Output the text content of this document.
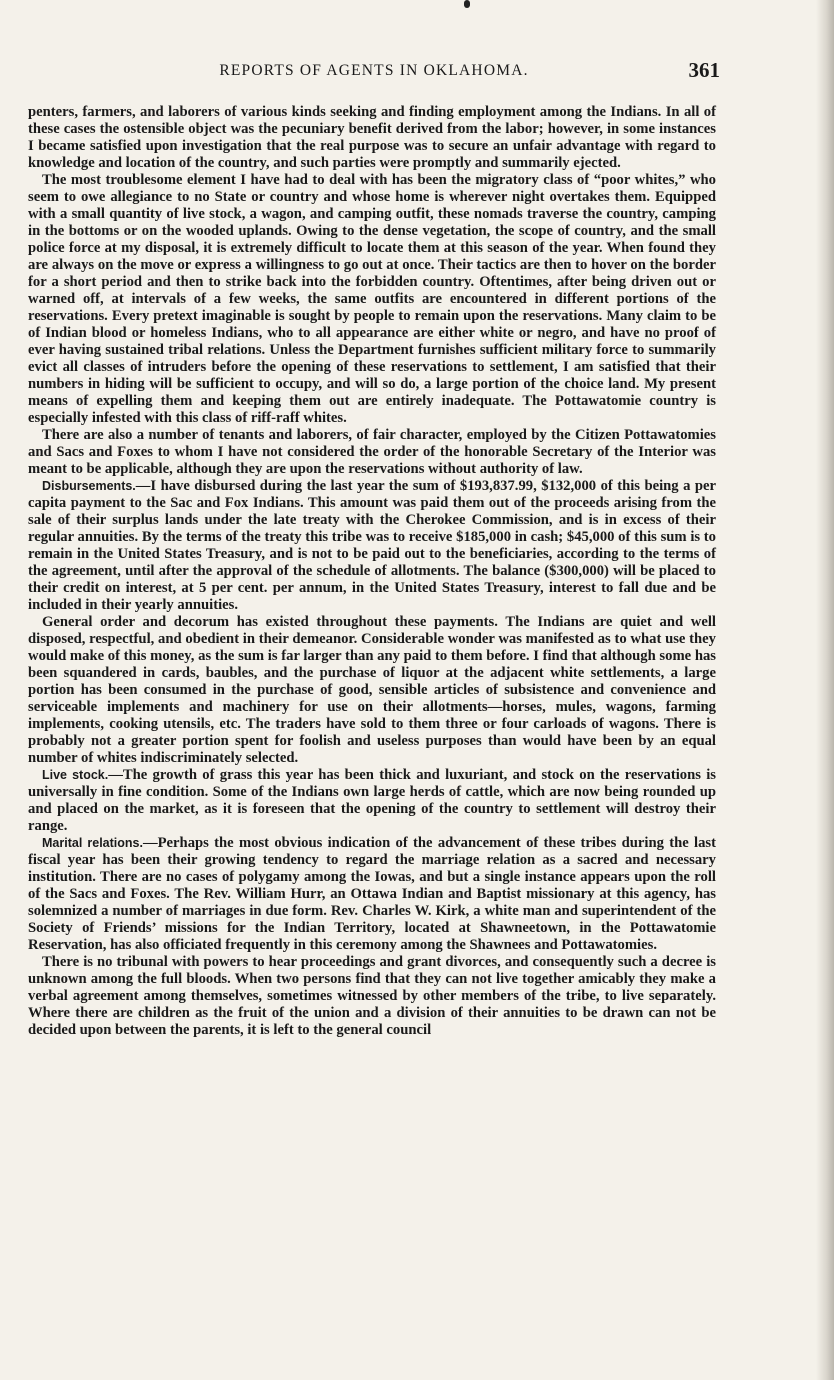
REPORTS OF AGENTS IN OKLAHOMA.	361

penters, farmers, and laborers of various kinds seeking and finding employment among the Indians. In all of these cases the ostensible object was the pecuniary benefit derived from the labor; however, in some instances I became satisfied upon investigation that the real purpose was to secure an unfair advantage with regard to knowledge and location of the country, and such parties were promptly and summarily ejected.

The most troublesome element I have had to deal with has been the migratory class of “poor whites,” who seem to owe allegiance to no State or country and whose home is wherever night overtakes them. Equipped with a small quantity of live stock, a wagon, and camping outfit, these nomads traverse the country, camping in the bottoms or on the wooded uplands. Owing to the dense vegetation, the scope of country, and the small police force at my disposal, it is extremely difficult to locate them at this season of the year. When found they are always on the move or express a willingness to go out at once. Their tactics are then to hover on the border for a short period and then to strike back into the forbidden country. Oftentimes, after being driven out or warned off, at intervals of a few weeks, the same outfits are encountered in different portions of the reservations. Every pretext imaginable is sought by people to remain upon the reservations. Many claim to be of Indian blood or homeless Indians, who to all appearance are either white or negro, and have no proof of ever having sustained tribal relations. Unless the Department furnishes sufficient military force to summarily evict all classes of intruders before the opening of these reservations to settlement, I am satisfied that their numbers in hiding will be sufficient to occupy, and will so do, a large portion of the choice land. My present means of expelling them and keeping them out are entirely inadequate. The Pottawatomie country is especially infested with this class of riff-raff whites.

There are also a number of tenants and laborers, of fair character, employed by the Citizen Pottawatomies and Sacs and Foxes to whom I have not considered the order of the honorable Secretary of the Interior was meant to be applicable, although they are upon the reservations without authority of law.

Disbursements.—I have disbursed during the last year the sum of $193,837.99, $132,000 of this being a per capita payment to the Sac and Fox Indians. This amount was paid them out of the proceeds arising from the sale of their surplus lands under the late treaty with the Cherokee Commission, and is in excess of their regular annuities. By the terms of the treaty this tribe was to receive $185,000 in cash; $45,000 of this sum is to remain in the United States Treasury, and is not to be paid out to the beneficiaries, according to the terms of the agreement, until after the approval of the schedule of allotments. The balance ($300,000) will be placed to their credit on interest, at 5 per cent. per annum, in the United States Treasury, interest to fall due and be included in their yearly annuities.

General order and decorum has existed throughout these payments. The Indians are quiet and well disposed, respectful, and obedient in their demeanor. Considerable wonder was manifested as to what use they would make of this money, as the sum is far larger than any paid to them before. I find that although some has been squandered in cards, baubles, and the purchase of liquor at the adjacent white settlements, a large portion has been consumed in the purchase of good, sensible articles of subsistence and convenience and serviceable implements and machinery for use on their allotments—horses, mules, wagons, farming implements, cooking utensils, etc. The traders have sold to them three or four carloads of wagons. There is probably not a greater portion spent for foolish and useless purposes than would have been by an equal number of whites indiscriminately selected.

Live stock.—The growth of grass this year has been thick and luxuriant, and stock on the reservations is universally in fine condition. Some of the Indians own large herds of cattle, which are now being rounded up and placed on the market, as it is foreseen that the opening of the country to settlement will destroy their range.

Marital relations.—Perhaps the most obvious indication of the advancement of these tribes during the last fiscal year has been their growing tendency to regard the marriage relation as a sacred and necessary institution. There are no cases of polygamy among the Iowas, and but a single instance appears upon the roll of the Sacs and Foxes. The Rev. William Hurr, an Ottawa Indian and Baptist missionary at this agency, has solemnized a number of marriages in due form. Rev. Charles W. Kirk, a white man and superintendent of the Society of Friends’ missions for the Indian Territory, located at Shawneetown, in the Pottawatomie Reservation, has also officiated frequently in this ceremony among the Shawnees and Pottawatomies.

There is no tribunal with powers to hear proceedings and grant divorces, and consequently such a decree is unknown among the full bloods. When two persons find that they can not live together amicably they make a verbal agreement among themselves, sometimes witnessed by other members of the tribe, to live separately. Where there are children as the fruit of the union and a division of their annuities to be drawn can not be decided upon between the parents, it is left to the general council
